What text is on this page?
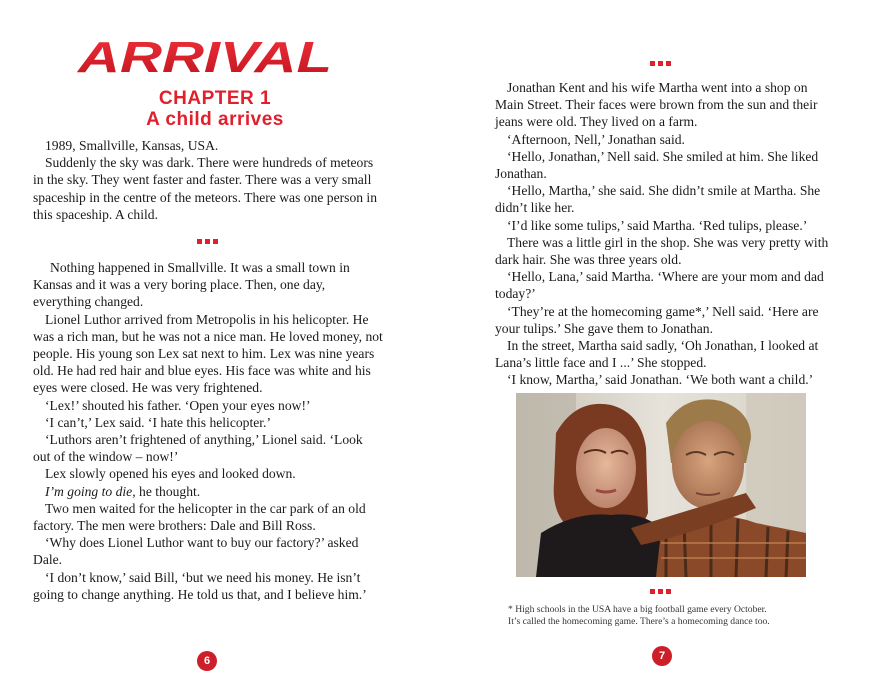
ARRIVAL
CHAPTER 1
A child arrives

1989, Smallville, Kansas, USA.

Suddenly the sky was dark. There were hundreds of meteors in the sky. They went faster and faster. There was a very small spaceship in the centre of the meteors. There was one person in this spaceship. A child.

Nothing happened in Smallville. It was a small town in Kansas and it was a very boring place. Then, one day, everything changed.

Lionel Luthor arrived from Metropolis in his helicopter. He was a rich man, but he was not a nice man. He loved money, not people. His young son Lex sat next to him. Lex was nine years old. He had red hair and blue eyes. His face was white and his eyes were closed. He was very frightened.

‘Lex!’ shouted his father. ‘Open your eyes now!’

‘I can’t,’ Lex said. ‘I hate this helicopter.’

‘Luthors aren’t frightened of anything,’ Lionel said. ‘Look out of the window – now!’

Lex slowly opened his eyes and looked down.

I’m going to die, he thought.

Two men waited for the helicopter in the car park of an old factory. The men were brothers: Dale and Bill Ross.

‘Why does Lionel Luthor want to buy our factory?’ asked Dale.

‘I don’t know,’ said Bill, ‘but we need his money. He isn’t going to change anything. He told us that, and I believe him.’

6

Jonathan Kent and his wife Martha went into a shop on Main Street. Their faces were brown from the sun and their jeans were old. They lived on a farm.

‘Afternoon, Nell,’ Jonathan said.

‘Hello, Jonathan,’ Nell said. She smiled at him. She liked Jonathan.

‘Hello, Martha,’ she said. She didn’t smile at Martha. She didn’t like her.

‘I’d like some tulips,’ said Martha. ‘Red tulips, please.’

There was a little girl in the shop. She was very pretty with dark hair. She was three years old.

‘Hello, Lana,’ said Martha. ‘Where are your mom and dad today?’

‘They’re at the homecoming game*,’ Nell said. ‘Here are your tulips.’ She gave them to Jonathan.

In the street, Martha said sadly, ‘Oh Jonathan, I looked at Lana’s little face and I ...’ She stopped.

‘I know, Martha,’ said Jonathan. ‘We both want a child.’

* High schools in the USA have a big football game every October.

It’s called the homecoming game. There’s a homecoming dance too.

7
